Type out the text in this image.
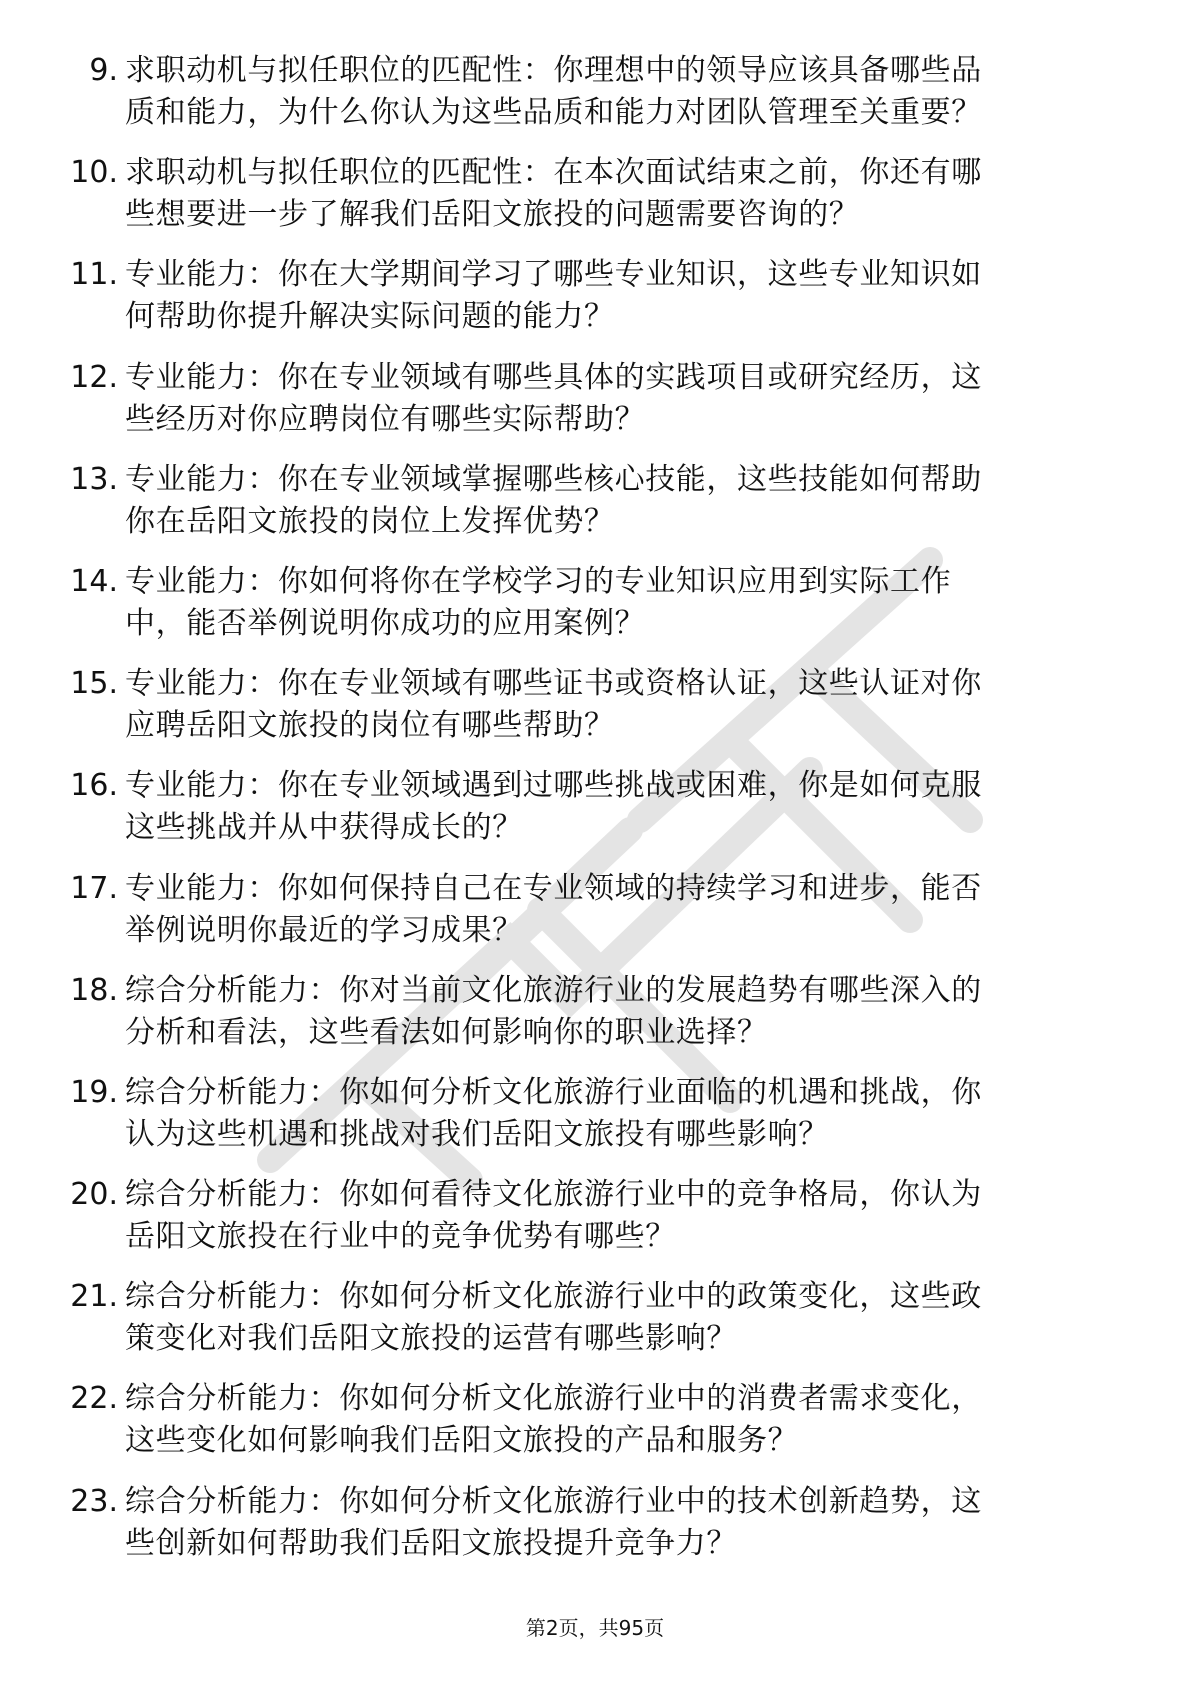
9. 求职动机与拟任职位的匹配性：你理想中的领导应该具备哪些品
质和能力，为什么你认为这些品质和能力对团队管理至关重要？
10. 求职动机与拟任职位的匹配性：在本次面试结束之前，你还有哪
些想要进一步了解我们岳阳文旅投的问题需要咨询的？
11. 专业能力：你在大学期间学习了哪些专业知识，这些专业知识如
何帮助你提升解决实际问题的能力？
12. 专业能力：你在专业领域有哪些具体的实践项目或研究经历，这
些经历对你应聘岗位有哪些实际帮助？
13. 专业能力：你在专业领域掌握哪些核心技能，这些技能如何帮助
你在岳阳文旅投的岗位上发挥优势？
14. 专业能力：你如何将你在学校学习的专业知识应用到实际工作
中，能否举例说明你成功的应用案例？
15. 专业能力：你在专业领域有哪些证书或资格认证，这些认证对你
应聘岳阳文旅投的岗位有哪些帮助？
16. 专业能力：你在专业领域遇到过哪些挑战或困难，你是如何克服
这些挑战并从中获得成长的？
17. 专业能力：你如何保持自己在专业领域的持续学习和进步，能否
举例说明你最近的学习成果？
18. 综合分析能力：你对当前文化旅游行业的发展趋势有哪些深入的
分析和看法，这些看法如何影响你的职业选择？
19. 综合分析能力：你如何分析文化旅游行业面临的机遇和挑战，你
认为这些机遇和挑战对我们岳阳文旅投有哪些影响？
20. 综合分析能力：你如何看待文化旅游行业中的竞争格局，你认为
岳阳文旅投在行业中的竞争优势有哪些？
21. 综合分析能力：你如何分析文化旅游行业中的政策变化，这些政
策变化对我们岳阳文旅投的运营有哪些影响？
22. 综合分析能力：你如何分析文化旅游行业中的消费者需求变化，
这些变化如何影响我们岳阳文旅投的产品和服务？
23. 综合分析能力：你如何分析文化旅游行业中的技术创新趋势，这
些创新如何帮助我们岳阳文旅投提升竞争力？
第2页，共95页
